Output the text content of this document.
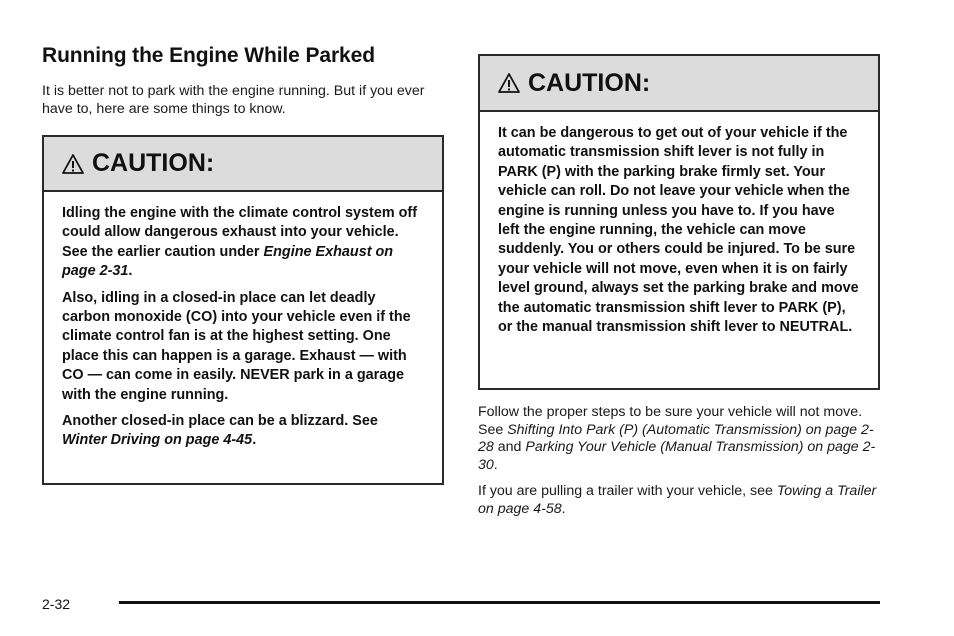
Running the Engine While Parked

It is better not to park with the engine running. But if you ever have to, here are some things to know.

CAUTION:

Idling the engine with the climate control system off could allow dangerous exhaust into your vehicle. See the earlier caution under Engine Exhaust on page 2-31.

Also, idling in a closed-in place can let deadly carbon monoxide (CO) into your vehicle even if the climate control fan is at the highest setting. One place this can happen is a garage. Exhaust — with CO — can come in easily. NEVER park in a garage with the engine running.

Another closed-in place can be a blizzard. See Winter Driving on page 4-45.

CAUTION:

It can be dangerous to get out of your vehicle if the automatic transmission shift lever is not fully in PARK (P) with the parking brake firmly set. Your vehicle can roll. Do not leave your vehicle when the engine is running unless you have to. If you have left the engine running, the vehicle can move suddenly. You or others could be injured. To be sure your vehicle will not move, even when it is on fairly level ground, always set the parking brake and move the automatic transmission shift lever to PARK (P), or the manual transmission shift lever to NEUTRAL.

Follow the proper steps to be sure your vehicle will not move. See Shifting Into Park (P) (Automatic Transmission) on page 2-28 and Parking Your Vehicle (Manual Transmission) on page 2-30.

If you are pulling a trailer with your vehicle, see Towing a Trailer on page 4-58.

2-32
